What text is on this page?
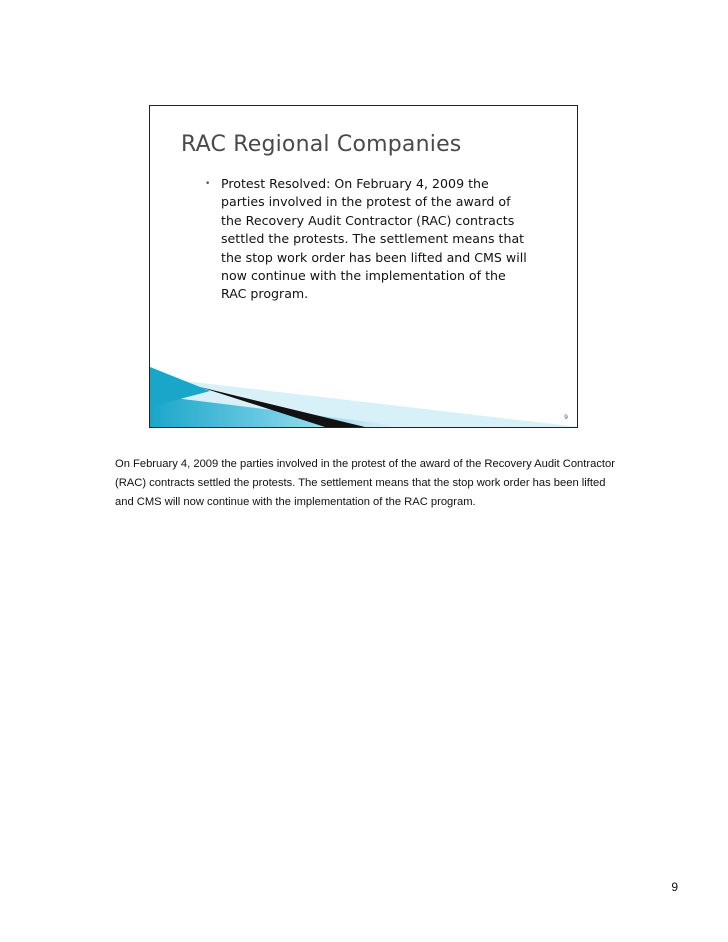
RAC Regional Companies
• Protest Resolved: On February 4, 2009 the parties involved in the protest of the award of the Recovery Audit Contractor (RAC) contracts settled the protests. The settlement means that the stop work order has been lifted and CMS will now continue with the implementation of the RAC program.
9
On February 4, 2009 the parties involved in the protest of the award of the Recovery Audit Contractor (RAC) contracts settled the protests. The settlement means that the stop work order has been lifted and CMS will now continue with the implementation of the RAC program.
9
